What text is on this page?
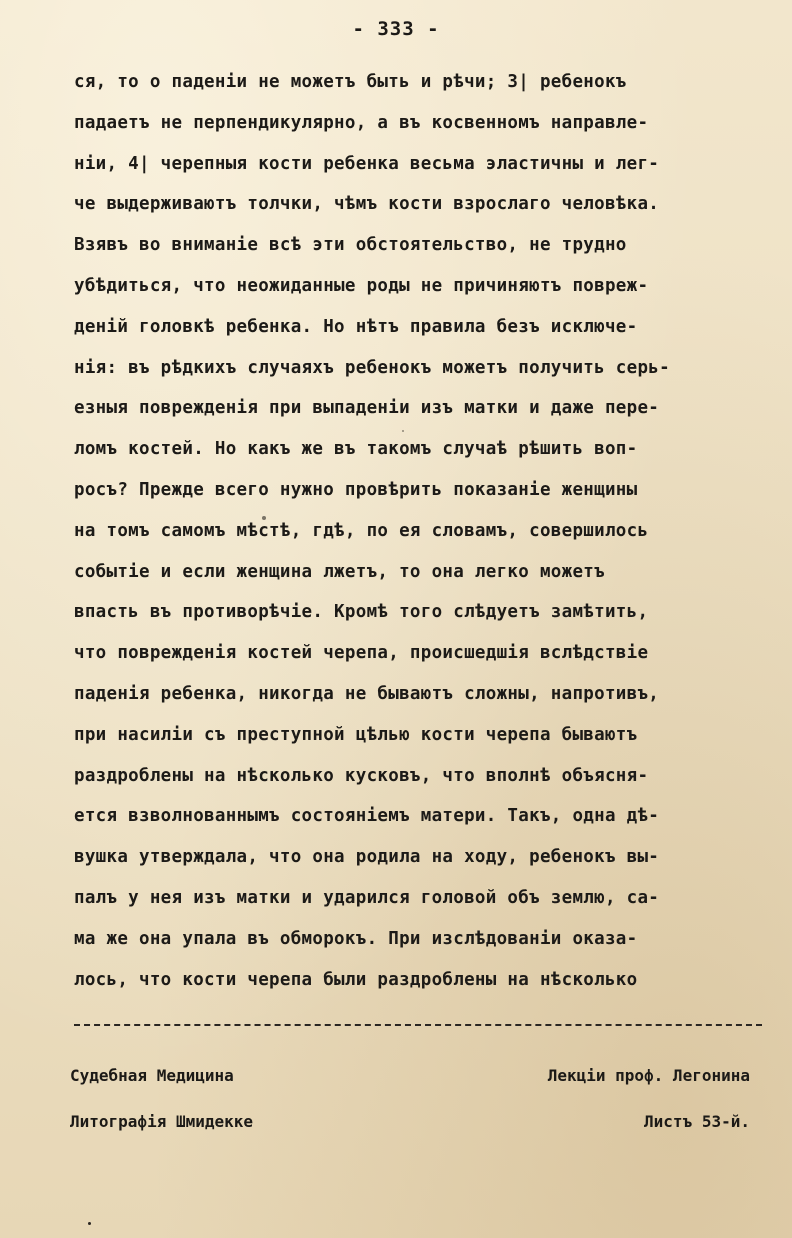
- 333 -
ся, то о паденiи не можетъ быть и рѣчи; 3| ребенокъ
падаетъ не перпендикулярно, а въ косвенномъ направле-
нiи, 4| черепныя кости ребенка весьма эластичны и лег-
че выдерживаютъ толчки, чѣмъ кости взрослаго человѣка.
Взявъ во вниманiе всѣ эти обстоятельство, не трудно
убѣдиться, что неожиданные роды не причиняютъ повреж-
денiй головкѣ ребенка. Но нѣтъ правила безъ исключе-
нiя: въ рѣдкихъ случаяхъ ребенокъ можетъ получить серь-
езныя поврежденiя при выпаденiи изъ матки и даже пере-
ломъ костей. Но какъ же въ такомъ случаѣ рѣшить воп-
росъ? Прежде всего нужно провѣрить показанiе женщины
на томъ самомъ мѣстѣ, гдѣ, по ея словамъ, совершилось
событiе и если женщина лжетъ, то она легко можетъ
впасть въ противорѣчiе. Кромѣ того слѣдуетъ замѣтить,
что поврежденiя костей черепа, происшедшiя вслѣдствiе
паденiя ребенка, никогда не бываютъ сложны, напротивъ,
при насилiи съ преступной цѣлью кости черепа бываютъ
раздроблены на нѣсколько кусковъ, что вполнѣ объясня-
ется взволнованнымъ состоянiемъ матери. Такъ, одна дѣ-
вушка утверждала, что она родила на ходу, ребенокъ вы-
палъ у нея изъ матки и ударился головой объ землю, са-
ма же она упала въ обморокъ. При изслѣдованiи оказа-
лось, что кости черепа были раздроблены на нѣсколько
Судебная Медицина	Лекцiи проф. Легонина
Литографiя Шмидекке	Листъ 53-й.
